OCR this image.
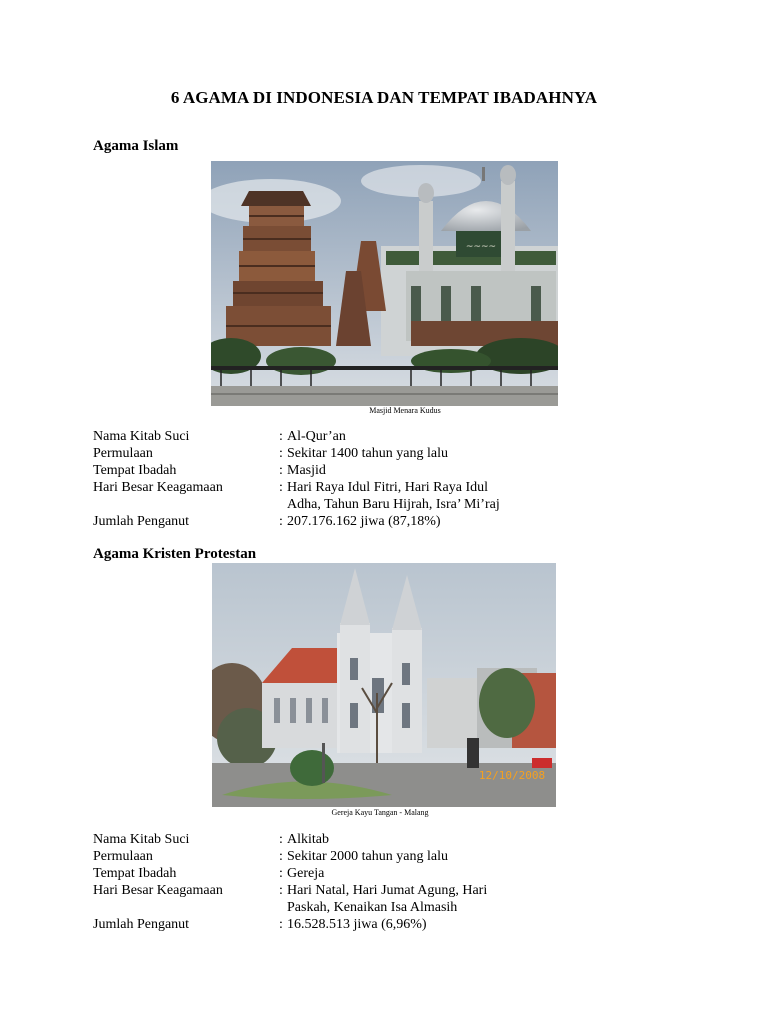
6 AGAMA DI INDONESIA DAN TEMPAT IBADAHNYA
Agama Islam
~~~~
Masjid Menara Kudus
Nama Kitab Suci	: Al-Qur’an
Permulaan	: Sekitar 1400 tahun yang lalu
Tempat Ibadah	: Masjid
Hari Besar Keagamaan	: Hari Raya Idul Fitri, Hari Raya Idul
Adha, Tahun Baru Hijrah, Isra’ Mi’raj
Jumlah Penganut	: 207.176.162 jiwa (87,18%)
Agama Kristen Protestan
12/10/2008
Gereja Kayu Tangan - Malang
Nama Kitab Suci	: Alkitab
Permulaan	: Sekitar 2000 tahun yang lalu
Tempat Ibadah	: Gereja
Hari Besar Keagamaan	: Hari Natal, Hari Jumat Agung, Hari
Paskah, Kenaikan Isa Almasih
Jumlah Penganut	: 16.528.513 jiwa (6,96%)
